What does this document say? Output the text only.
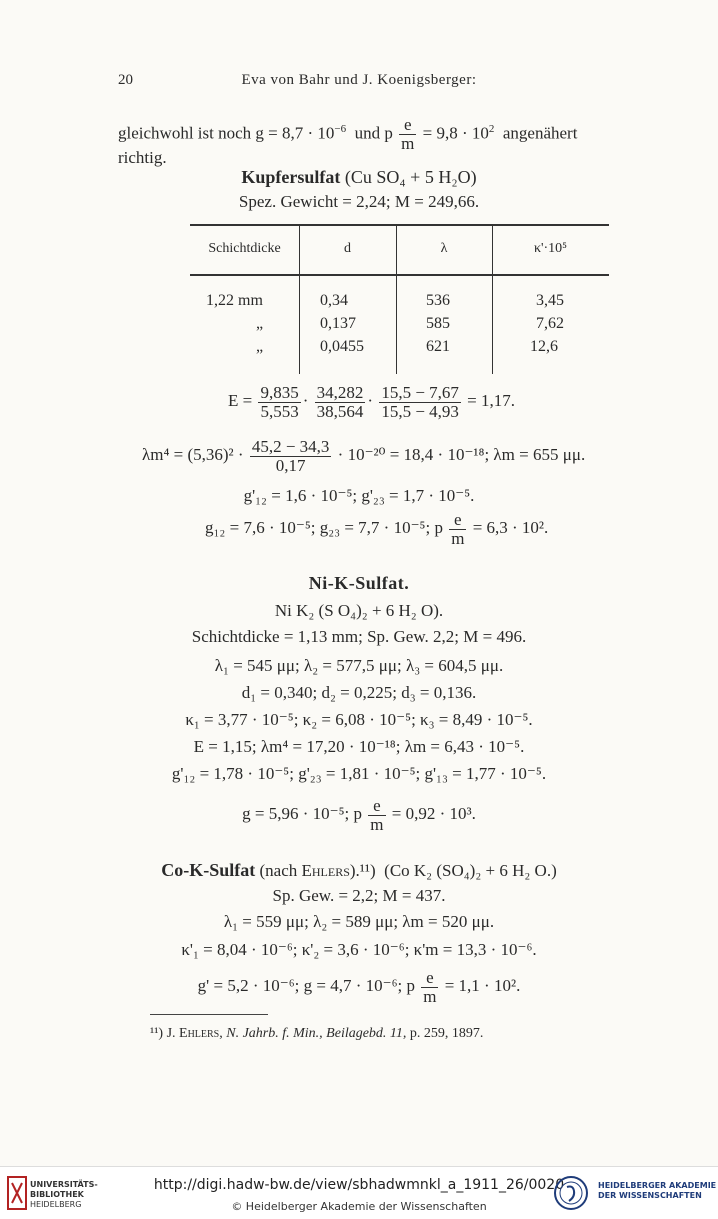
20	Eva von Bahr und J. Koenigsberger:
gleichwohl ist noch $g = 8,7 \cdot 10^{-6}$ und p $\frac{e}{m} = 9,8 \cdot 10^2$ angenähert
richtig.
Kupfersulfat (Cu SO₄ + 5 H₂O)
Spez. Gewicht = 2,24; M = 249,66.
Schichtdicke	d	λ	κ'·10⁵
1,22 mm	0,34	536	3,45
„	0,137	585	7,62
„	0,0455	621	12,6
$E = \frac{9,835}{5,553} \cdot \frac{34,282}{38,564} \cdot \frac{15,5 - 7,67}{15,5 - 4,93} = 1,17$.
$\lambda m^4 = (5,36)^2 \cdot \frac{45,2 - 34,3}{0,17} \cdot 10^{-20} = 18,4 \cdot 10^{-18}$; λm = 655 μμ.
g'₁₂ = 1,6 · 10⁻⁵; g'₂₃ = 1,7 · 10⁻⁵.
g₁₂ = 7,6 · 10⁻⁵; g₂₃ = 7,7 · 10⁻⁵; p $\frac{e}{m} = 6,3 \cdot 10^2$.
Ni-K-Sulfat.
Ni K₂ (S O₄)₂ + 6 H₂ O).
Schichtdicke = 1,13 mm; Sp. Gew. 2,2; M = 496.
λ₁ = 545 μμ; λ₂ = 577,5 μμ; λ₃ = 604,5 μμ.
d₁ = 0,340; d₂ = 0,225; d₃ = 0,136.
κ₁ = 3,77 · 10⁻⁵; κ₂ = 6,08 · 10⁻⁵; κ₃ = 8,49 · 10⁻⁵.
E = 1,15; λm⁴ = 17,20 · 10⁻¹⁸; λm = 6,43 · 10⁻⁵.
g'₁₂ = 1,78 · 10⁻⁵; g'₂₃ = 1,81 · 10⁻⁵; g'₁₃ = 1,77 · 10⁻⁵.
g = 5,96 · 10⁻⁵; p $\frac{e}{m} = 0,92 \cdot 10^3$.
Co-K-Sulfat (nach Ehlers).¹¹) (Co K₂ (SO₄)₂ + 6 H₂ O.)
Sp. Gew. = 2,2; M = 437.
λ₁ = 559 μμ; λ₂ = 589 μμ; λm = 520 μμ.
κ'₁ = 8,04 · 10⁻⁶; κ'₂ = 3,6 · 10⁻⁶; κ'm = 13,3 · 10⁻⁶.
g' = 5,2 · 10⁻⁶; g = 4,7 · 10⁻⁶; p $\frac{e}{m} = 1,1 \cdot 10^2$.
¹¹) J. Ehlers, N. Jahrb. f. Min., Beilagebd. 11, p. 259, 1897.
UNIVERSITÄTS-
BIBLIOTHEK
HEIDELBERG
http://digi.hadw-bw.de/view/sbhadwmnkl_a_1911_26/0020
© Heidelberger Akademie der Wissenschaften
HEIDELBERGER AKADEMIE
DER WISSENSCHAFTEN
